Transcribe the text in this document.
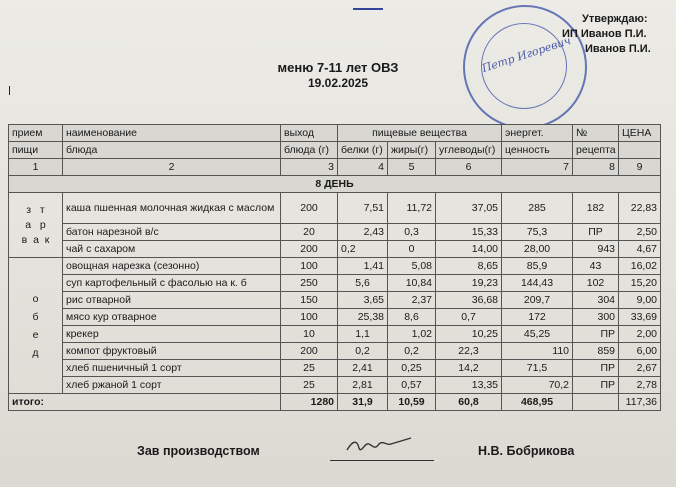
Петр Игоревич
Утверждаю:
ИП Иванов П.И.
Иванов П.И.
меню 7-11 лет ОВЗ
19.02.2025
прием	наименование	выход	пищевые вещества			энергет.	№	ЦЕНА
пищи	блюда	блюда (г)	белки (г)	жиры(г)	углеводы(г)	ценность	рецепта	
1	2	3	4	5	6	7	8	9
8 ДЕНЬ								
з т
а р
в а к	каша пшенная молочная жидкая с маслом	200	7,51	11,72	37,05	285	182	22,83
	батон нарезной в/с	20	2,43	0,3	15,33	75,3	ПР	2,50
	чай с сахаром	200	0,2	0	14,00	28,00	943	4,67
о
б
е
д	овощная нарезка (сезонно)	100	1,41	5,08	8,65	85,9	43	16,02
	суп картофельный с фасолью на к. б	250	5,6	10,84	19,23	144,43	102	15,20
	рис отварной	150	3,65	2,37	36,68	209,7	304	9,00
	мясо кур отварное	100	25,38	8,6	0,7	172	300	33,69
	крекер	10	1,1	1,02	10,25	45,25	ПР	2,00
	компот фруктовый	200	0,2	0,2	22,3	110	859	6,00
	хлеб пшеничный 1 сорт	25	2,41	0,25	14,2	71,5	ПР	2,67
	хлеб ржаной 1 сорт	25	2,81	0,57	13,35	70,2	ПР	2,78
итого:		1280	31,9	10,59	60,8	468,95		117,36
Зав производством	Н.В. Бобрикова
